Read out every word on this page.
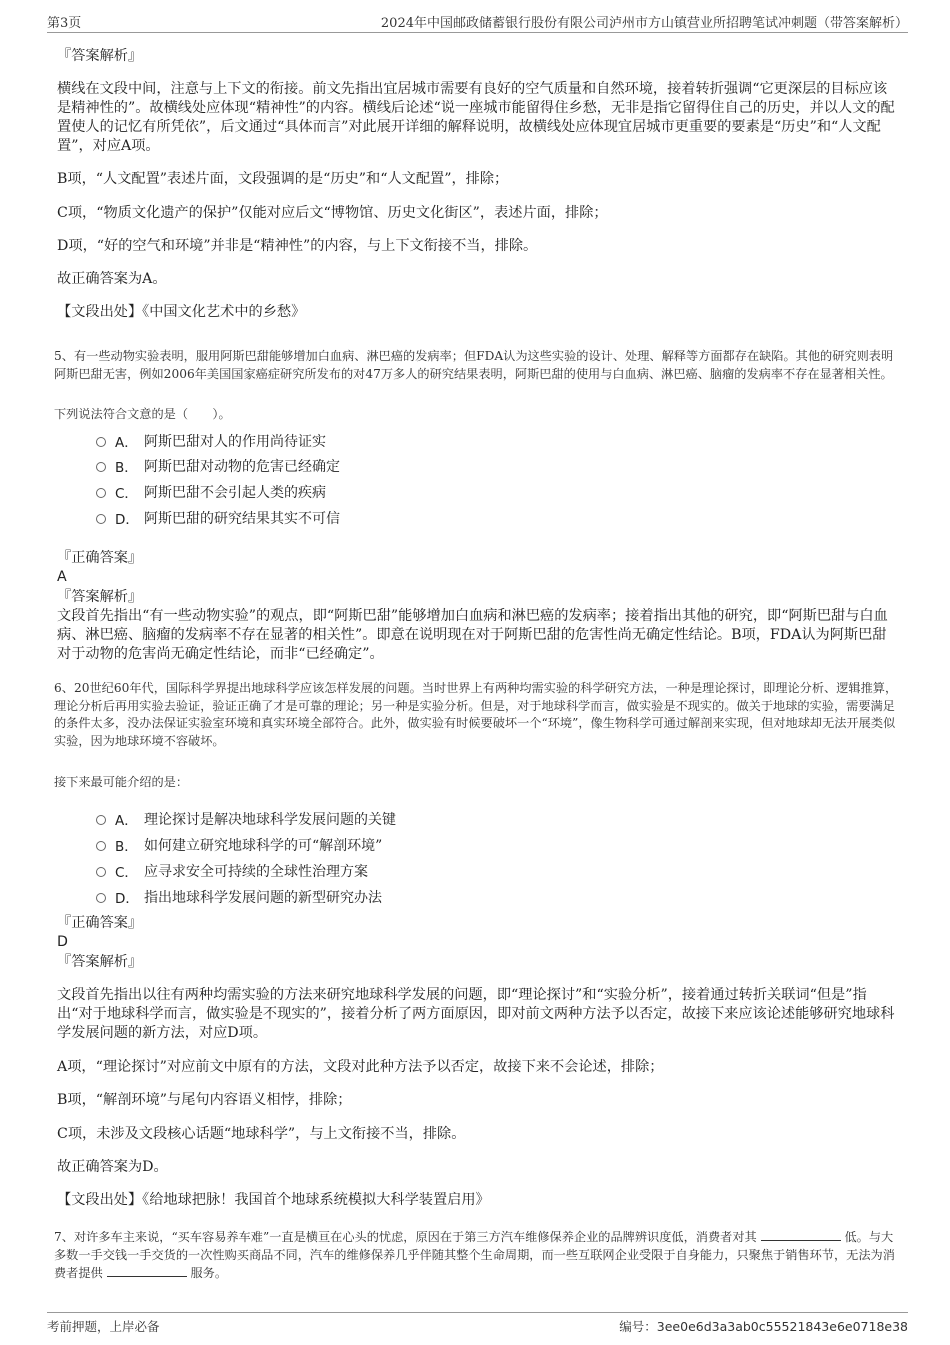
第3页	2024年中国邮政储蓄银行股份有限公司泸州市方山镇营业所招聘笔试冲刺题（带答案解析）
『答案解析』
横线在文段中间，注意与上下文的衔接。前文先指出宜居城市需要有良好的空气质量和自然环境，接着转折强调“它更深层的目标应该是精神性的”。故横线处应体现“精神性”的内容。横线后论述“说一座城市能留得住乡愁，无非是指它留得住自己的历史，并以人文的配置使人的记忆有所凭依”，后文通过“具体而言”对此展开详细的解释说明，故横线处应体现宜居城市更重要的要素是“历史”和“人文配置”，对应A项。
B项，“人文配置”表述片面，文段强调的是“历史”和“人文配置”，排除；
C项，“物质文化遗产的保护”仅能对应后文“博物馆、历史文化街区”，表述片面，排除；
D项，“好的空气和环境”并非是“精神性”的内容，与上下文衔接不当，排除。
故正确答案为A。
【文段出处】《中国文化艺术中的乡愁》
5、有一些动物实验表明，服用阿斯巴甜能够增加白血病、淋巴癌的发病率；但FDA认为这些实验的设计、处理、解释等方面都存在缺陷。其他的研究则表明阿斯巴甜无害，例如2006年美国国家癌症研究所发布的对47万多人的研究结果表明，阿斯巴甜的使用与白血病、淋巴癌、脑瘤的发病率不存在显著相关性。
下列说法符合文意的是（　　）。
A． 阿斯巴甜对人的作用尚待证实
B． 阿斯巴甜对动物的危害已经确定
C． 阿斯巴甜不会引起人类的疾病
D． 阿斯巴甜的研究结果其实不可信
『正确答案』
A
『答案解析』
文段首先指出“有一些动物实验”的观点，即“阿斯巴甜”能够增加白血病和淋巴癌的发病率；接着指出其他的研究，即“阿斯巴甜与白血病、淋巴癌、脑瘤的发病率不存在显著的相关性”。即意在说明现在对于阿斯巴甜的危害性尚无确定性结论。B项，FDA认为阿斯巴甜对于动物的危害尚无确定性结论，而非“已经确定”。
6、20世纪60年代，国际科学界提出地球科学应该怎样发展的问题。当时世界上有两种均需实验的科学研究方法，一种是理论探讨，即理论分析、逻辑推算，理论分析后再用实验去验证，验证正确了才是可靠的理论；另一种是实验分析。但是，对于地球科学而言，做实验是不现实的。做关于地球的实验，需要满足的条件太多，没办法保证实验室环境和真实环境全部符合。此外，做实验有时候要破坏一个“环境”，像生物科学可通过解剖来实现，但对地球却无法开展类似实验，因为地球环境不容破坏。
接下来最可能介绍的是：
A． 理论探讨是解决地球科学发展问题的关键
B． 如何建立研究地球科学的可“解剖环境”
C． 应寻求安全可持续的全球性治理方案
D． 指出地球科学发展问题的新型研究办法
『正确答案』
D
『答案解析』
文段首先指出以往有两种均需实验的方法来研究地球科学发展的问题，即“理论探讨”和“实验分析”，接着通过转折关联词“但是”指出“对于地球科学而言，做实验是不现实的”，接着分析了两方面原因，即对前文两种方法予以否定，故接下来应该论述能够研究地球科学发展问题的新方法，对应D项。
A项，“理论探讨”对应前文中原有的方法，文段对此种方法予以否定，故接下来不会论述，排除；
B项，“解剖环境”与尾句内容语义相悖，排除；
C项，未涉及文段核心话题“地球科学”，与上文衔接不当，排除。
故正确答案为D。
【文段出处】《给地球把脉！我国首个地球系统模拟大科学装置启用》
7、对许多车主来说，“买车容易养车难”一直是横亘在心头的忧虑，原因在于第三方汽车维修保养企业的品牌辨识度低，消费者对其	低。与大多数一手交钱一手交货的一次性购买商品不同，汽车的维修保养几乎伴随其整个生命周期，而一些互联网企业受限于自身能力，只聚焦于销售环节，无法为消费者提供	服务。
考前押题，上岸必备	编号：3ee0e6d3a3ab0c55521843e6e0718e38
